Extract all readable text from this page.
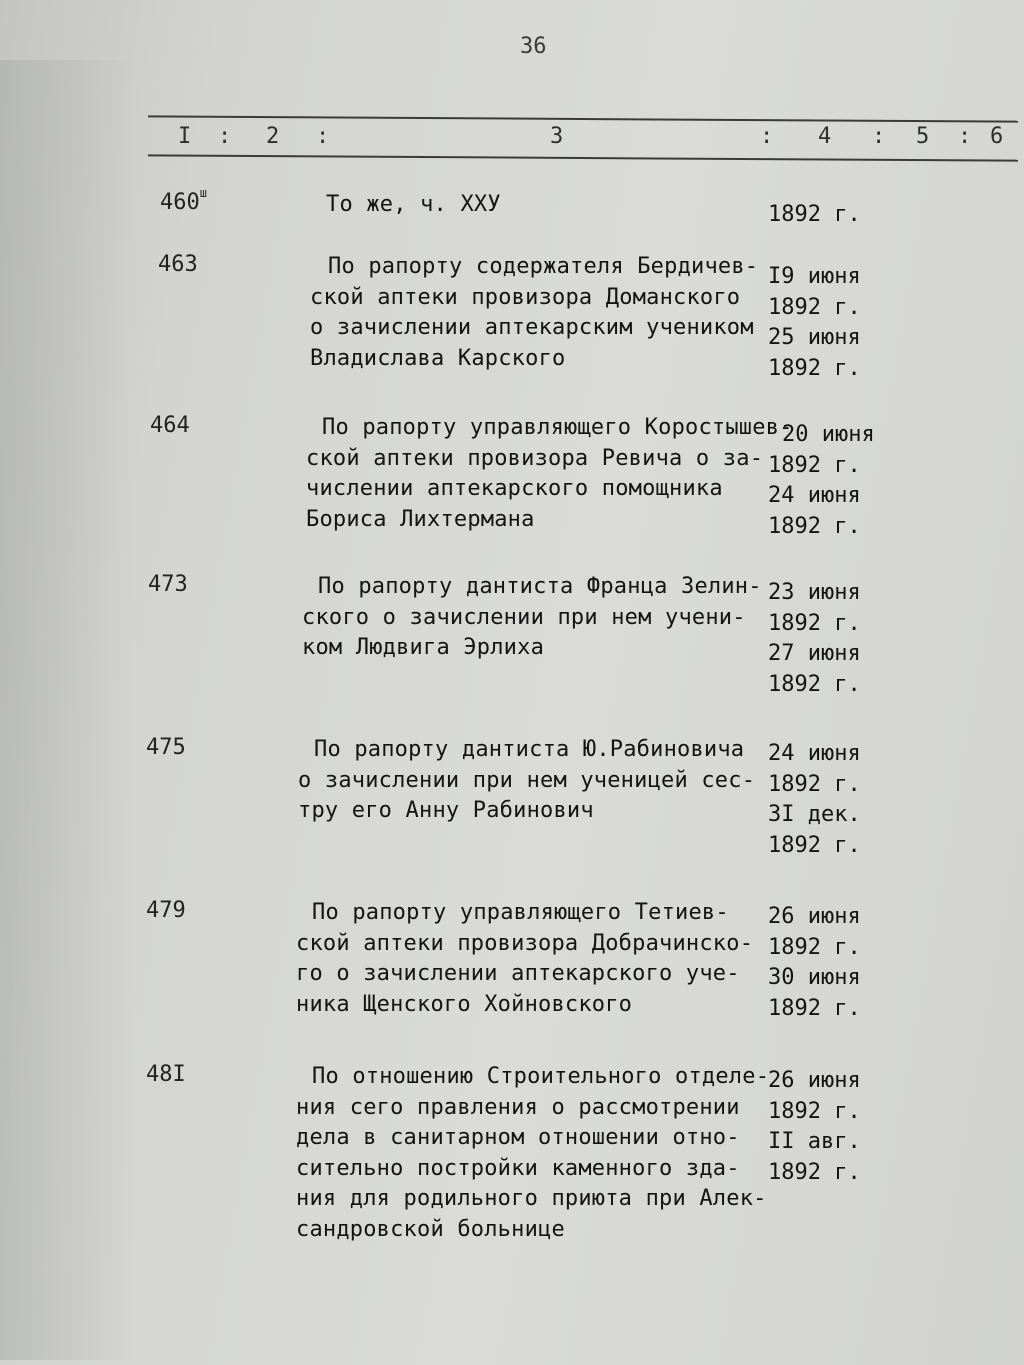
36
I : 2 :	3	: 4 : 5 : 6
$460^ш$	То же, ч. XXУ	1892 г.
463	По рапорту содержателя Бердичев-
ской аптеки провизора Доманского
о зачислении аптекарским учеником
Владислава Карского
I9 июня
1892 г.
25 июня
1892 г.
464	По рапорту управляющего Коростышев-
ской аптеки провизора Ревича о за-
числении аптекарского помощника
Бориса Лихтермана
20 июня
1892 г.
24 июня
1892 г.
473	По рапорту дантиста Франца Зелин-
ского о зачислении при нем учени-
ком Людвига Эрлиха
23 июня
1892 г.
27 июня
1892 г.
475	По рапорту дантиста Ю.Рабиновича
о зачислении при нем ученицей сес-
тру его Анну Рабинович
24 июня
1892 г.
3I дек.
1892 г.
479	По рапорту управляющего Тетиев-
ской аптеки провизора Добрачинско-
го о зачислении аптекарского уче-
ника Щенского Хойновского
26 июня
1892 г.
30 июня
1892 г.
48I	По отношению Строительного отделе-
ния сего правления о рассмотрении
дела в санитарном отношении отно-
сительно постройки каменного зда-
ния для родильного приюта при Алек-
сандровской больнице
26 июня
1892 г.
II авг.
1892 г.
